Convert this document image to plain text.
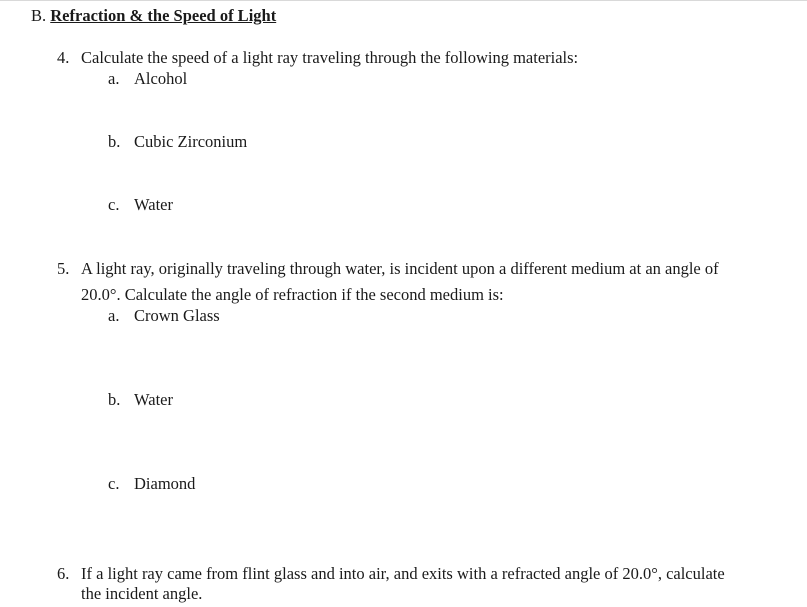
B. Refraction & the Speed of Light
4. Calculate the speed of a light ray traveling through the following materials:
a. Alcohol
b. Cubic Zirconium
c. Water
5. A light ray, originally traveling through water, is incident upon a different medium at an angle of
20.0°. Calculate the angle of refraction if the second medium is:
a. Crown Glass
b. Water
c. Diamond
6. If a light ray came from flint glass and into air, and exits with a refracted angle of 20.0°, calculate
the incident angle.
